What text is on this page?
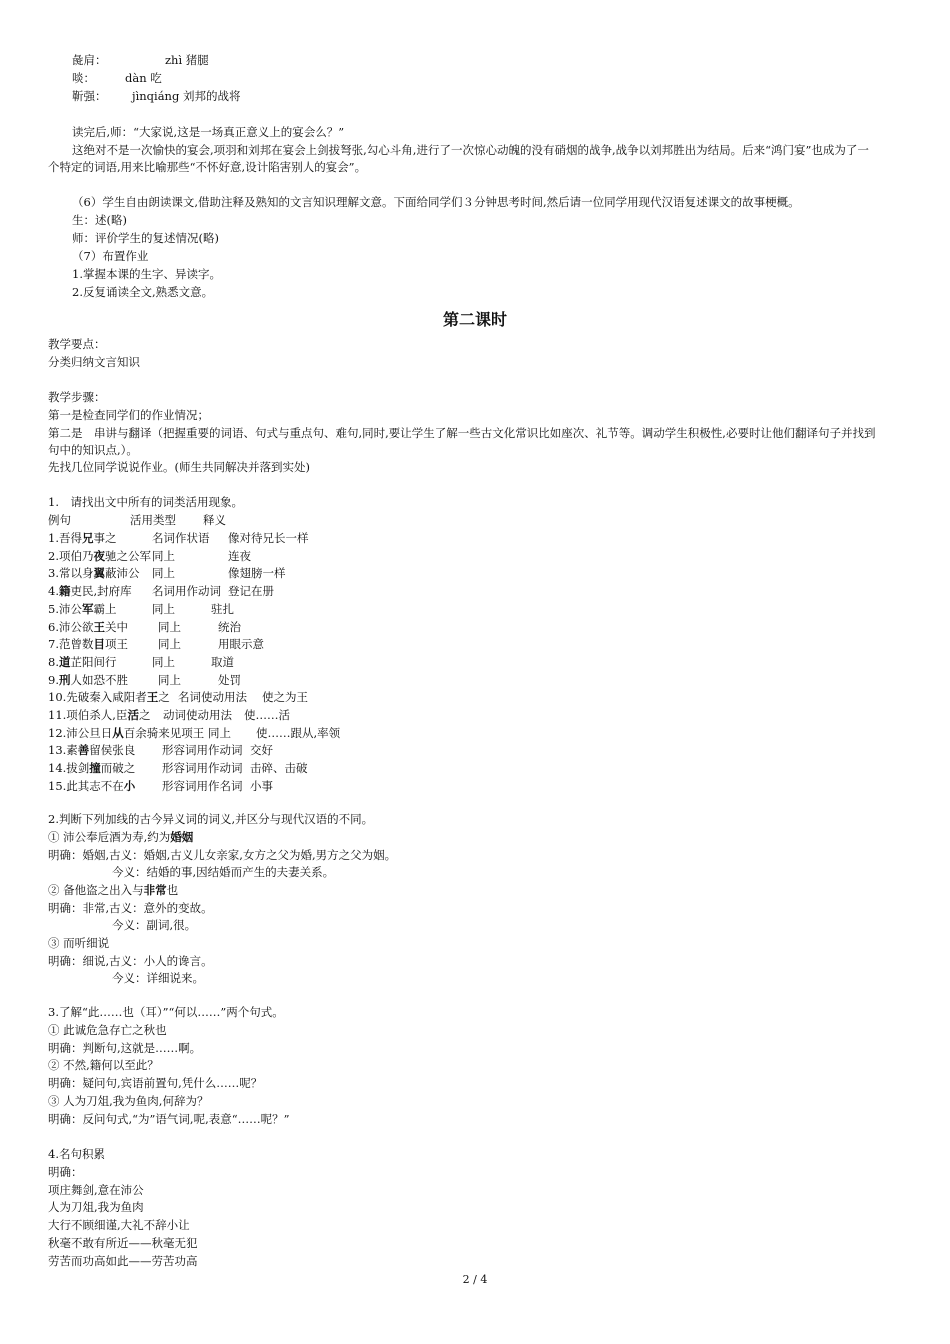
彘肩：	zhì 猪腿
啖：	dàn 吃
靳强： jìnqiáng 刘邦的战将
读完后,师：“大家说,这是一场真正意义上的宴会么？”
这绝对不是一次愉快的宴会,项羽和刘邦在宴会上剑拔弩张,勾心斗角,进行了一次惊心动魄的没有硝烟的战争,战争以刘邦胜出为结局。后来“鸿门宴”也成为了一
个特定的词语,用来比喻那些“不怀好意,设计陷害别人的宴会”。
（6）学生自由朗读课文,借助注释及熟知的文言知识理解文意。下面给同学们３分钟思考时间,然后请一位同学用现代汉语复述课文的故事梗概。
生：述(略)
师：评价学生的复述情况(略)
（7）布置作业
1.掌握本课的生字、异读字。
2.反复诵读全文,熟悉文意。
第二课时
教学要点：
分类归纳文言知识
教学步骤：
第一是检查同学们的作业情况；
第二是　串讲与翻译（把握重要的词语、句式与重点句、难句,同时,要让学生了解一些古文化常识比如座次、礼节等。调动学生积极性,必要时让他们翻译句子并找到
句中的知识点,）。
先找几位同学说说作业。(师生共同解决并落到实处)
1.　请找出文中所有的词类活用现象。
例句	活用类型 释义
1.吾得兄事之	名词作状语 像对待兄长一样
2.项伯乃夜驰之公军 同上	连夜
3.常以身翼蔽沛公 同上	像翅膀一样
4.籍吏民,封府库 名词用作动词 登记在册
5.沛公军霸上	同上	驻扎
6.沛公欲王关中	同上	统治
7.范曾数目项王	同上	用眼示意
8.道芷阳间行	同上	取道
9.刑人如恐不胜	同上	处罚
10.先破秦入咸阳者王之 名词使动用法 使之为王
11.项伯杀人,臣活之 动词使动用法 使……活
12.沛公旦日从百余骑来见项王 同上 使……跟从,率领
13.素善留侯张良 形容词用作动词 交好
14.拔剑撞而破之 形容词用作动词 击碎、击破
15.此其志不在小 形容词用作名词 小事
2.判断下列加线的古今异义词的词义,并区分与现代汉语的不同。
① 沛公奉卮酒为寿,约为婚姻
明确：婚姻,古义：婚姻,古义儿女亲家,女方之父为婚,男方之父为姻。
今义：结婚的事,因结婚而产生的夫妻关系。
② 备他盗之出入与非常也
明确：非常,古义：意外的变故。
今义：副词,很。
③ 而听细说
明确：细说,古义：小人的谗言。
今义：详细说来。
3.了解“此……也（耳）”“何以……”两个句式。
① 此诚危急存亡之秋也
明确：判断句,这就是……啊。
② 不然,籍何以至此？
明确：疑问句,宾语前置句,凭什么……呢？
③ 人为刀俎,我为鱼肉,何辞为？
明确：反问句式,“为”语气词,呢,表意“……呢？”
4.名句积累
明确：
项庄舞剑,意在沛公
人为刀俎,我为鱼肉
大行不顾细谨,大礼不辞小让
秋毫不敢有所近——秋毫无犯
劳苦而功高如此——劳苦功高
2 / 4
